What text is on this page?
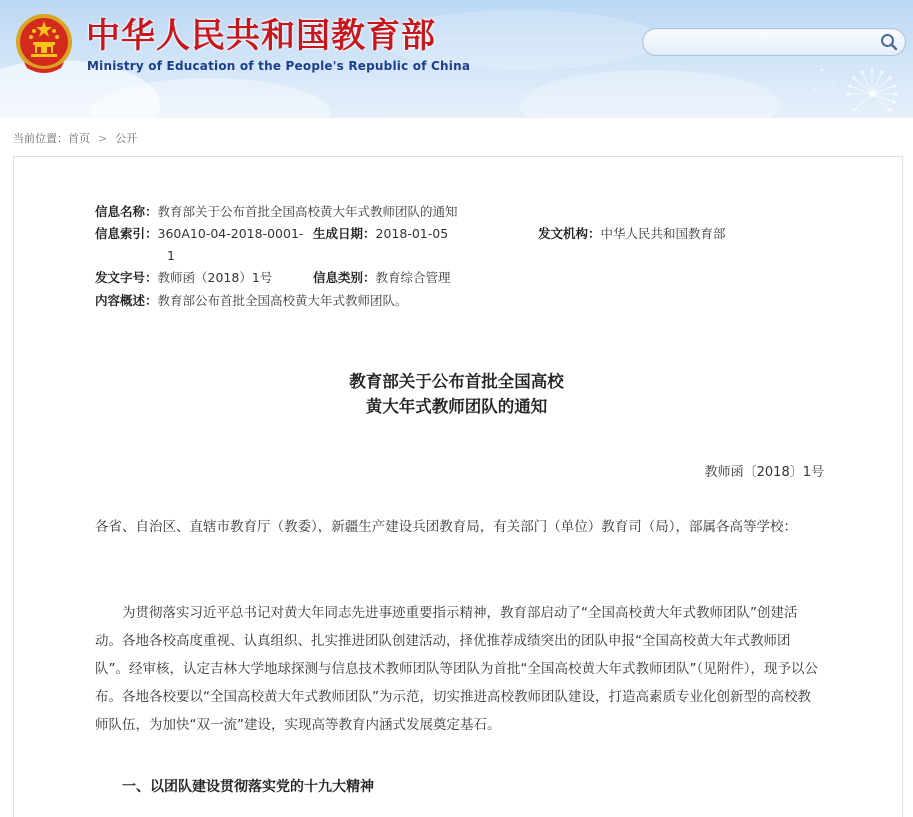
中华人民共和国教育部
Ministry of Education of the People's Republic of China
当前位置：首页 > 公开
信息名称：教育部关于公布首批全国高校黄大年式教师团队的通知
信息索引：360A10-04-2018-0001-
1
生成日期：2018-01-05	发文机构：中华人民共和国教育部
发文字号：教师函（2018）1号	信息类别：教育综合管理
内容概述：教育部公布首批全国高校黄大年式教师团队。
教育部关于公布首批全国高校
黄大年式教师团队的通知
教师函〔2018〕1号
各省、自治区、直辖市教育厅（教委），新疆生产建设兵团教育局，有关部门（单位）教育司（局），部属各高等学校：
为贯彻落实习近平总书记对黄大年同志先进事迹重要指示精神，教育部启动了“全国高校黄大年式教师团队”创建活动。各地各校高度重视、认真组织、扎实推进团队创建活动，择优推荐成绩突出的团队申报“全国高校黄大年式教师团队”。经审核，认定吉林大学地球探测与信息技术教师团队等团队为首批“全国高校黄大年式教师团队”（见附件），现予以公布。各地各校要以“全国高校黄大年式教师团队”为示范，切实推进高校教师团队建设，打造高素质专业化创新型的高校教师队伍，为加快“双一流”建设，实现高等教育内涵式发展奠定基石。
一、以团队建设贯彻落实党的十九大精神
